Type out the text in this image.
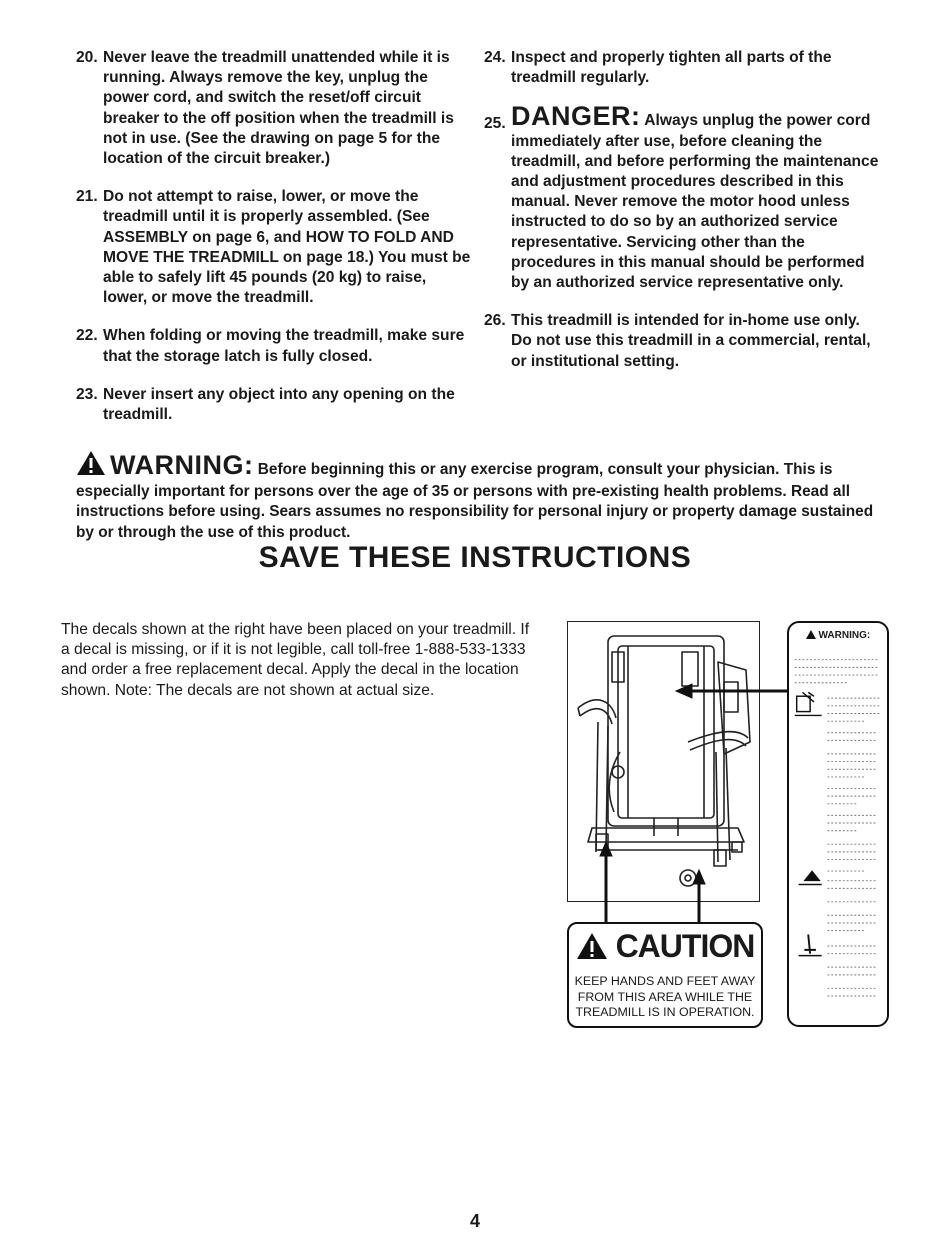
20. Never leave the treadmill unattended while it is running. Always remove the key, unplug the power cord, and switch the reset/off circuit breaker to the off position when the treadmill is not in use. (See the drawing on page 5 for the location of the circuit breaker.)
21. Do not attempt to raise, lower, or move the treadmill until it is properly assembled. (See ASSEMBLY on page 6, and HOW TO FOLD AND MOVE THE TREADMILL on page 18.) You must be able to safely lift 45 pounds (20 kg) to raise, lower, or move the treadmill.
22. When folding or moving the treadmill, make sure that the storage latch is fully closed.
23. Never insert any object into any opening on the treadmill.
24. Inspect and properly tighten all parts of the treadmill regularly.
25. DANGER: Always unplug the power cord immediately after use, before cleaning the treadmill, and before performing the maintenance and adjustment procedures described in this manual. Never remove the motor hood unless instructed to do so by an authorized service representative. Servicing other than the procedures in this manual should be performed by an authorized service representative only.
26. This treadmill is intended for in-home use only. Do not use this treadmill in a commercial, rental, or institutional setting.
WARNING: Before beginning this or any exercise program, consult your physician. This is especially important for persons over the age of 35 or persons with pre-existing health problems. Read all instructions before using. Sears assumes no responsibility for personal injury or property damage sustained by or through the use of this product.
SAVE THESE INSTRUCTIONS
The decals shown at the right have been placed on your treadmill. If a decal is missing, or if it is not legible, call toll-free 1-888-533-1333 and order a free replacement decal. Apply the decal in the location shown. Note: The decals are not shown at actual size.
CAUTION
KEEP HANDS AND FEET AWAY FROM THIS AREA WHILE THE TREADMILL IS IN OPERATION.
WARNING:
4
